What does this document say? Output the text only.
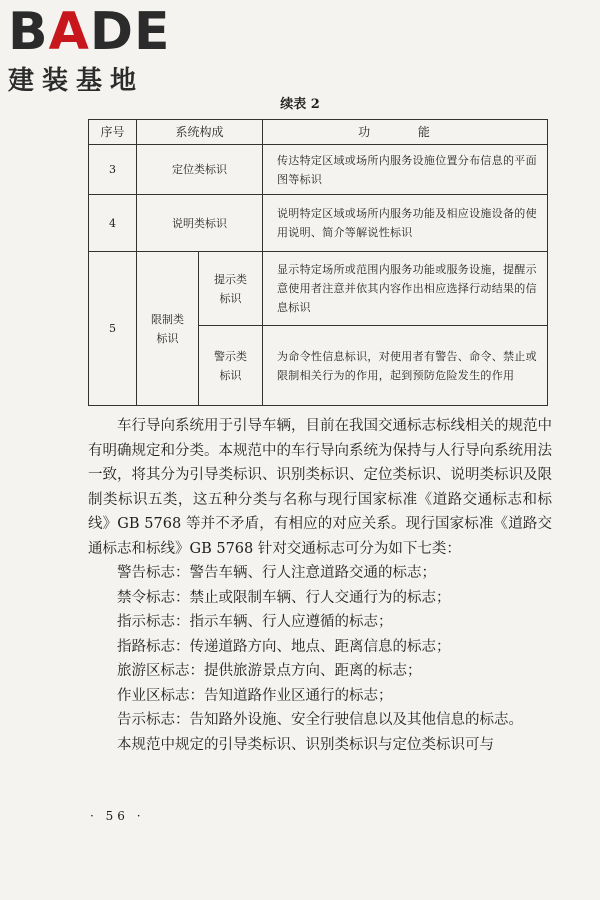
BADE
建装基地
续表 2
序号	系统构成		功 能
3	定位类标识		传达特定区域或场所内服务设施位置分布信息的平面图等标识
4	说明类标识		说明特定区域或场所内服务功能及相应设施设备的使用说明、简介等解说性标识
5	限制类标识	提示类标识	显示特定场所或范围内服务功能或服务设施，提醒示意使用者注意并依其内容作出相应选择行动结果的信息标识
		警示类标识	为命令性信息标识，对使用者有警告、命令、禁止或限制相关行为的作用，起到预防危险发生的作用

车行导向系统用于引导车辆，目前在我国交通标志标线相关的规范中有明确规定和分类。本规范中的车行导向系统为保持与人行导向系统用法一致，将其分为引导类标识、识别类标识、定位类标识、说明类标识及限制类标识五类，这五种分类与名称与现行国家标准《道路交通标志和标线》GB 5768 等并不矛盾，有相应的对应关系。现行国家标准《道路交通标志和标线》GB 5768 针对交通标志可分为如下七类：

警告标志：警告车辆、行人注意道路交通的标志；

禁令标志：禁止或限制车辆、行人交通行为的标志；

指示标志：指示车辆、行人应遵循的标志；

指路标志：传递道路方向、地点、距离信息的标志；

旅游区标志：提供旅游景点方向、距离的标志；

作业区标志：告知道路作业区通行的标志；

告示标志：告知路外设施、安全行驶信息以及其他信息的标志。

本规范中规定的引导类标识、识别类标识与定位类标识可与

· 56 ·
